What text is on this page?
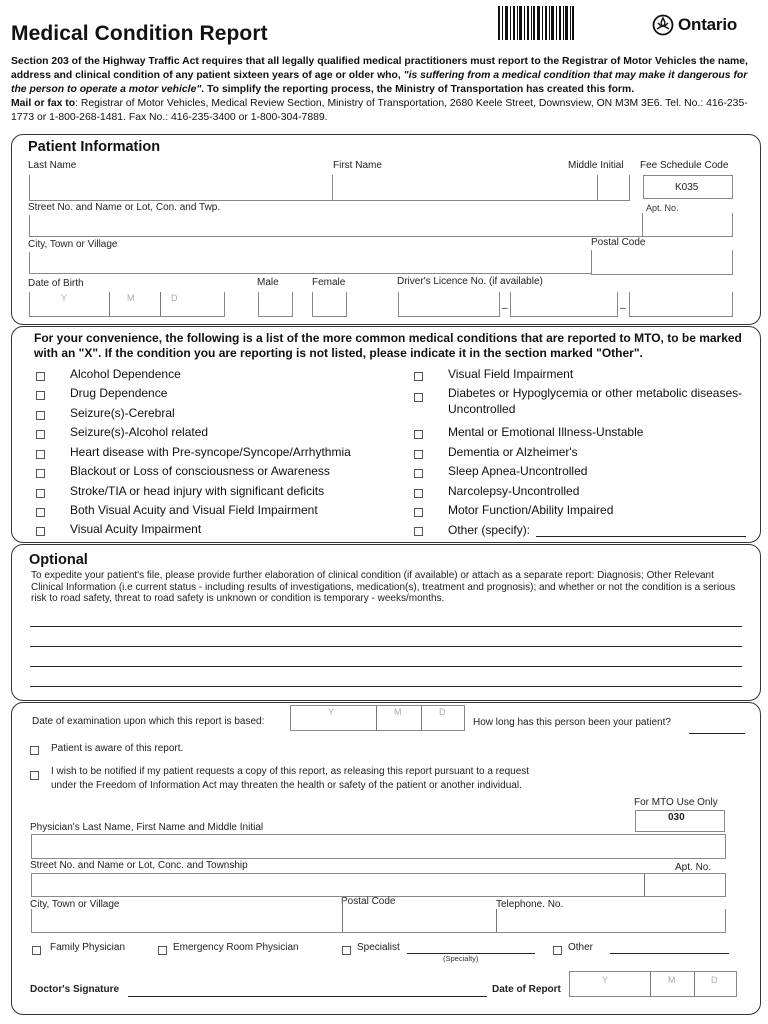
Medical Condition Report	Ontario
Section 203 of the Highway Traffic Act requires that all legally qualified medical practitioners must report to the Registrar of Motor Vehicles the name, address and clinical condition of any patient sixteen years of age or older who, "is suffering from a medical condition that may make it dangerous for the person to operate a motor vehicle". To simplify the reporting process, the Ministry of Transportation has created this form.
Mail or fax to: Registrar of Motor Vehicles, Medical Review Section, Ministry of Transportation, 2680 Keele Street, Downsview, ON M3M 3E6. Tel. No.: 416-235-1773 or 1-800-268-1481. Fax No.: 416-235-3400 or 1-800-304-7889.
Patient Information
Last Name	First Name	Middle Initial Fee Schedule Code
K035
Street No. and Name or Lot, Con. and Twp.	Apt. No.
City, Town or Village	Postal Code
Date of Birth	Male	Female	Driver's Licence No. (if available)
Y	M	D
–	–
For your convenience, the following is a list of the more common medical conditions that are reported to MTO, to be marked with an "X". If the condition you are reporting is not listed, please indicate it in the section marked "Other".
Alcohol Dependence
Drug Dependence
Seizure(s)-Cerebral
Seizure(s)-Alcohol related
Heart disease with Pre-syncope/Syncope/Arrhythmia
Blackout or Loss of consciousness or Awareness
Stroke/TIA or head injury with significant deficits
Both Visual Acuity and Visual Field Impairment
Visual Acuity Impairment
Visual Field Impairment
Diabetes or Hypoglycemia or other metabolic diseases-
Uncontrolled
Mental or Emotional Illness-Unstable
Dementia or Alzheimer's
Sleep Apnea-Uncontrolled
Narcolepsy-Uncontrolled
Motor Function/Ability Impaired
Other (specify):
Optional
To expedite your patient's file, please provide further elaboration of clinical condition (if available) or attach as a separate report: Diagnosis; Other Relevant Clinical Information (i.e current status - including results of investigations, medication(s), treatment and prognosis); and whether or not the condition is a serious risk to road safety, threat to road safety is unknown or condition is temporary - weeks/months.
Date of examination upon which this report is based:
Y	M	D
How long has this person been your patient?
Patient is aware of this report.
I wish to be notified if my patient requests a copy of this report, as releasing this report pursuant to a request
under the Freedom of Information Act may threaten the health or safety of the patient or another individual.
For MTO Use Only
030
Physician's Last Name, First Name and Middle Initial
Street No. and Name or Lot, Conc. and Township	Apt. No.
City, Town or Village	Postal Code	Telephone. No.
Family Physician	Emergency Room Physician	Specialist
(Specialty)
Other
Doctor's Signature	Date of Report
Y	M	D
